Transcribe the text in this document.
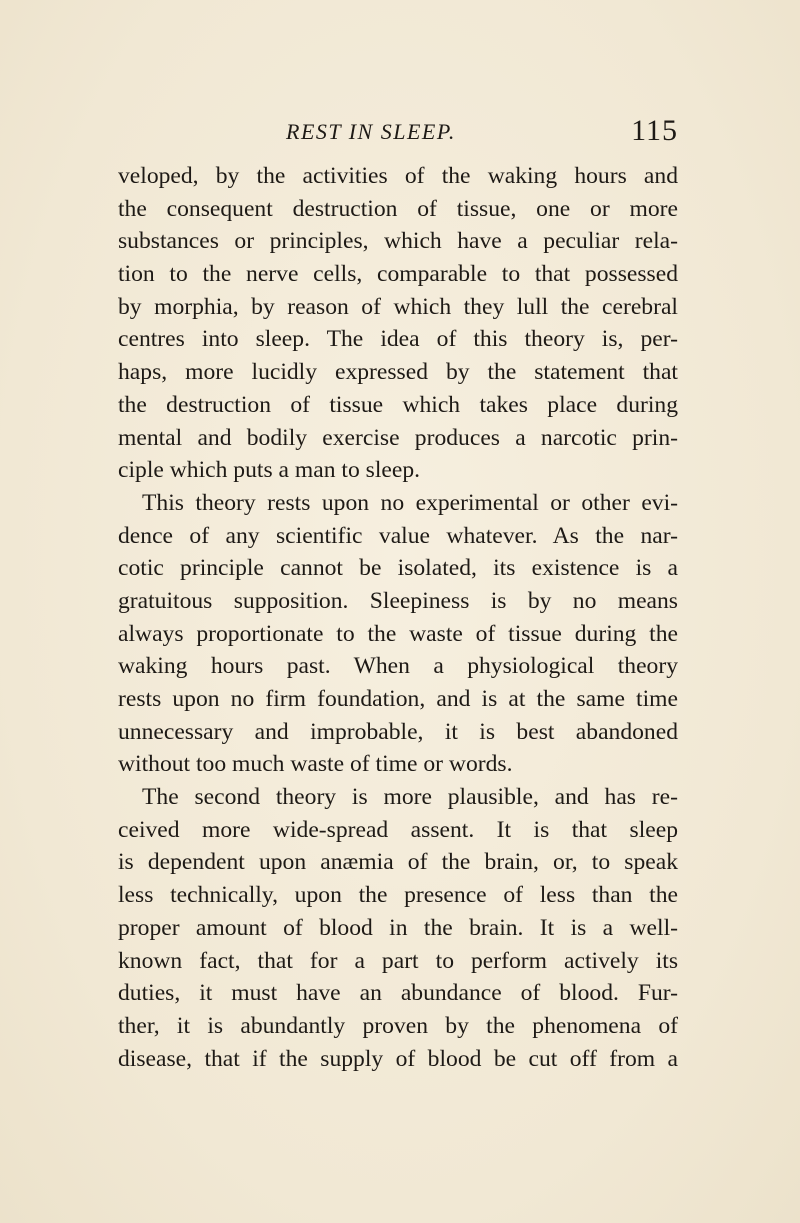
REST IN SLEEP.	115
veloped, by the activities of the waking hours and
the consequent destruction of tissue, one or more
substances or principles, which have a peculiar rela-
tion to the nerve cells, comparable to that possessed
by morphia, by reason of which they lull the cerebral
centres into sleep. The idea of this theory is, per-
haps, more lucidly expressed by the statement that
the destruction of tissue which takes place during
mental and bodily exercise produces a narcotic prin-
ciple which puts a man to sleep.
This theory rests upon no experimental or other evi-
dence of any scientific value whatever. As the nar-
cotic principle cannot be isolated, its existence is a
gratuitous supposition. Sleepiness is by no means
always proportionate to the waste of tissue during the
waking hours past. When a physiological theory
rests upon no firm foundation, and is at the same time
unnecessary and improbable, it is best abandoned
without too much waste of time or words.
The second theory is more plausible, and has re-
ceived more wide-spread assent. It is that sleep
is dependent upon anæmia of the brain, or, to speak
less technically, upon the presence of less than the
proper amount of blood in the brain. It is a well-
known fact, that for a part to perform actively its
duties, it must have an abundance of blood. Fur-
ther, it is abundantly proven by the phenomena of
disease, that if the supply of blood be cut off from a
